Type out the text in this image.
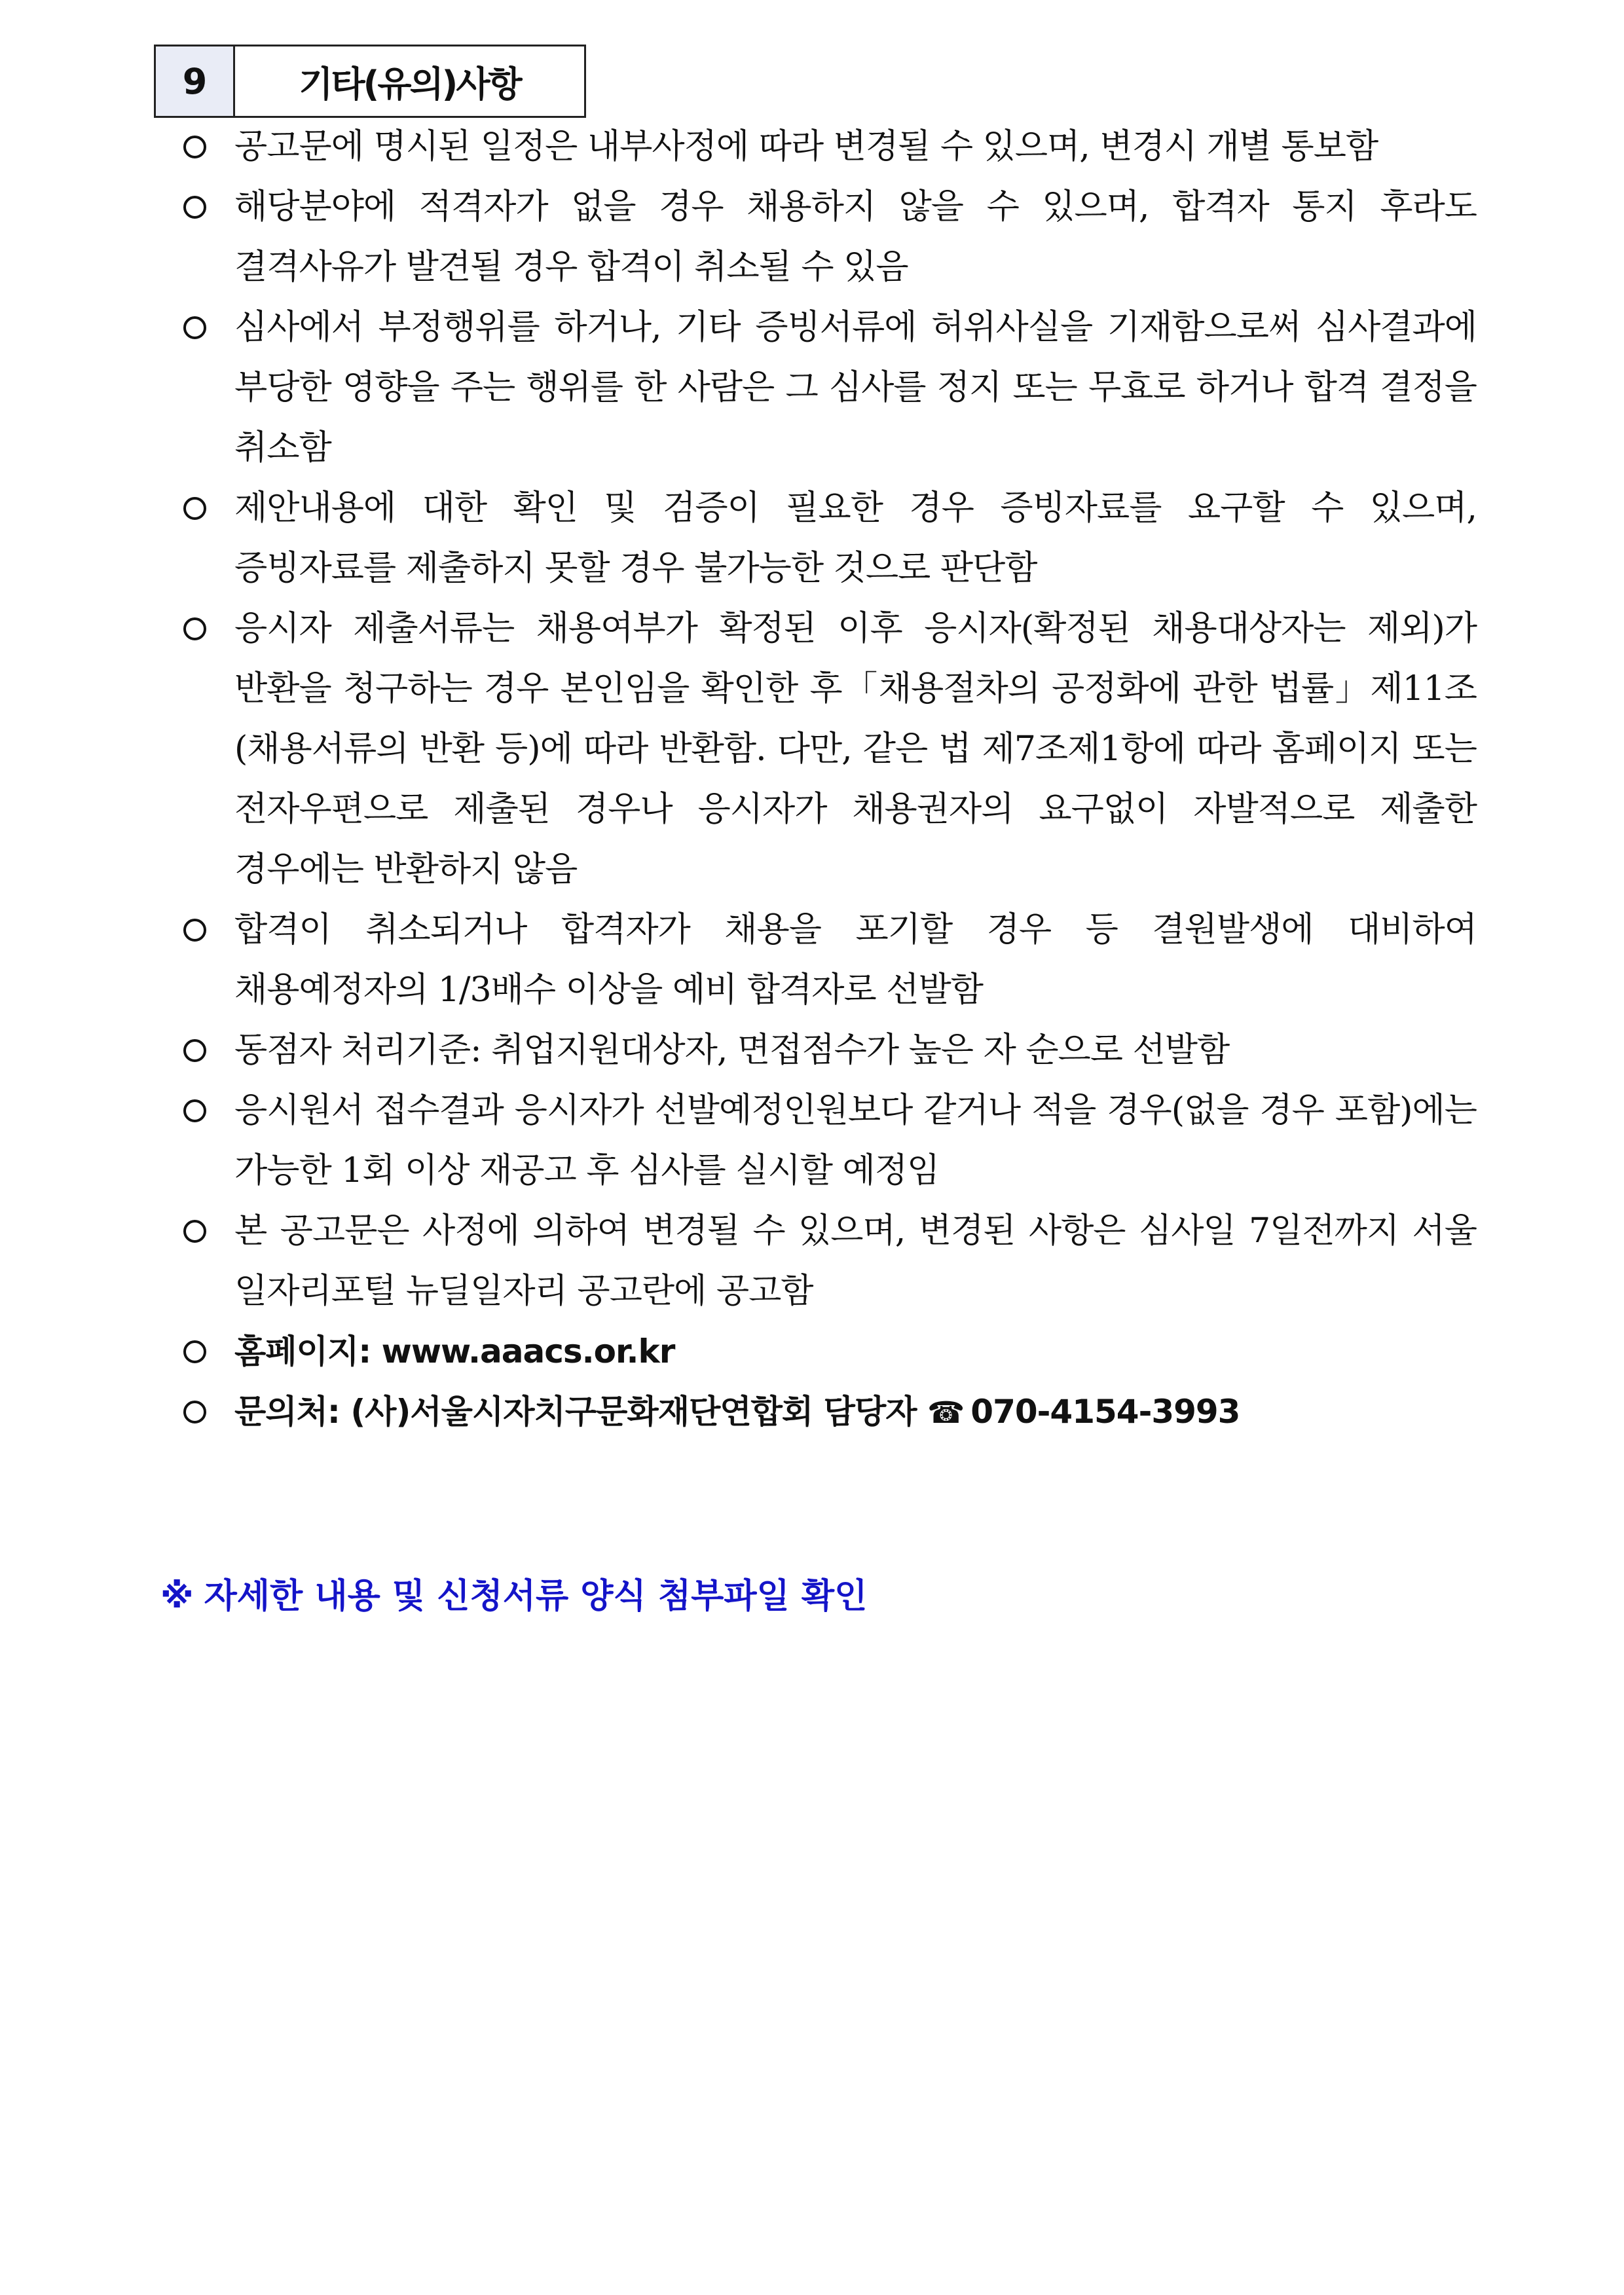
9	기타(유의)사항
공고문에 명시된 일정은 내부사정에 따라 변경될 수 있으며, 변경시 개별 통보함
해당분야에 적격자가 없을 경우 채용하지 않을 수 있으며, 합격자 통지 후라도 결격사유가 발견될 경우 합격이 취소될 수 있음
심사에서 부정행위를 하거나, 기타 증빙서류에 허위사실을 기재함으로써 심사결과에 부당한 영향을 주는 행위를 한 사람은 그 심사를 정지 또는 무효로 하거나 합격 결정을 취소함
제안내용에 대한 확인 및 검증이 필요한 경우 증빙자료를 요구할 수 있으며, 증빙자료를 제출하지 못할 경우 불가능한 것으로 판단함
응시자 제출서류는 채용여부가 확정된 이후 응시자(확정된 채용대상자는 제외)가 반환을 청구하는 경우 본인임을 확인한 후「채용절차의 공정화에 관한 법률」제11조(채용서류의 반환 등)에 따라 반환함. 다만, 같은 법 제7조제1항에 따라 홈페이지 또는 전자우편으로 제출된 경우나 응시자가 채용권자의 요구없이 자발적으로 제출한 경우에는 반환하지 않음
합격이 취소되거나 합격자가 채용을 포기할 경우 등 결원발생에 대비하여 채용예정자의 1/3배수 이상을 예비 합격자로 선발함
동점자 처리기준: 취업지원대상자, 면접점수가 높은 자 순으로 선발함
응시원서 접수결과 응시자가 선발예정인원보다 같거나 적을 경우(없을 경우 포함)에는 가능한 1회 이상 재공고 후 심사를 실시할 예정임
본 공고문은 사정에 의하여 변경될 수 있으며, 변경된 사항은 심사일 7일전까지 서울 일자리포털 뉴딜일자리 공고란에 공고함
홈페이지: www.aaacs.or.kr
문의처: (사)서울시자치구문화재단연합회 담당자 ☎ 070-4154-3993
※ 자세한 내용 및 신청서류 양식 첨부파일 확인
